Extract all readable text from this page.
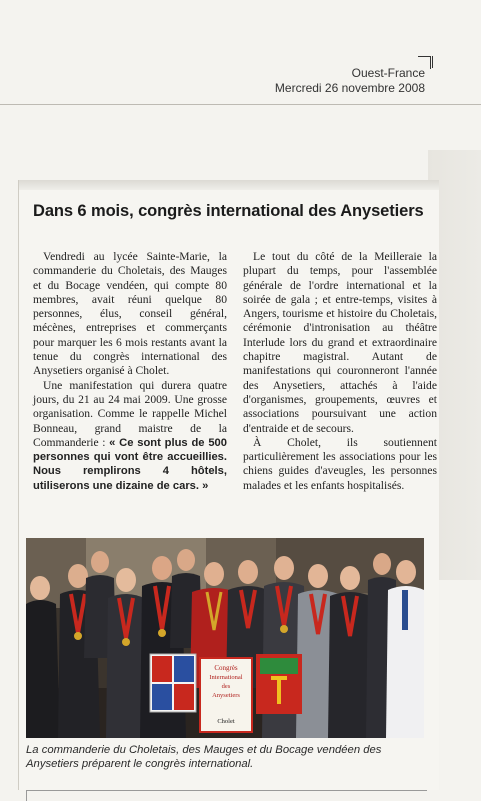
Ouest-France
Mercredi 26 novembre 2008
Dans 6 mois, congrès international des Anysetiers

Vendredi au lycée Sainte-Marie, la commanderie du Choletais, des Mauges et du Bocage vendéen, qui compte 80 membres, avait réuni quelque 80 personnes, élus, conseil général, mécènes, entreprises et commerçants pour marquer les 6 mois restants avant la tenue du congrès international des Anysetiers organisé à Cholet.

Une manifestation qui durera quatre jours, du 21 au 24 mai 2009. Une grosse organisation. Comme le rappelle Michel Bonneau, grand maistre de la Commanderie : « Ce sont plus de 500 personnes qui vont être accueillies. Nous remplirons 4 hôtels, utiliserons une dizaine de cars. »

Le tout du côté de la Meilleraie la plupart du temps, pour l'assemblée générale de l'ordre international et la soirée de gala ; et entre-temps, visites à Angers, tourisme et histoire du Choletais, cérémonie d'intronisation au théâtre Interlude lors du grand et extraordinaire chapitre magistral. Autant de manifestations qui couronneront l'année des Anysetiers, attachés à l'aide d'organismes, groupements, œuvres et associations poursuivant une action d'entraide et de secours.

À Cholet, ils soutiennent particulièrement les associations pour les chiens guides d'aveugles, les personnes malades et les enfants hospitalisés.

Congrès
International
des
Anysetiers
Cholet
La commanderie du Choletais, des Mauges et du Bocage vendéen des Anysetiers préparent le congrès international.
